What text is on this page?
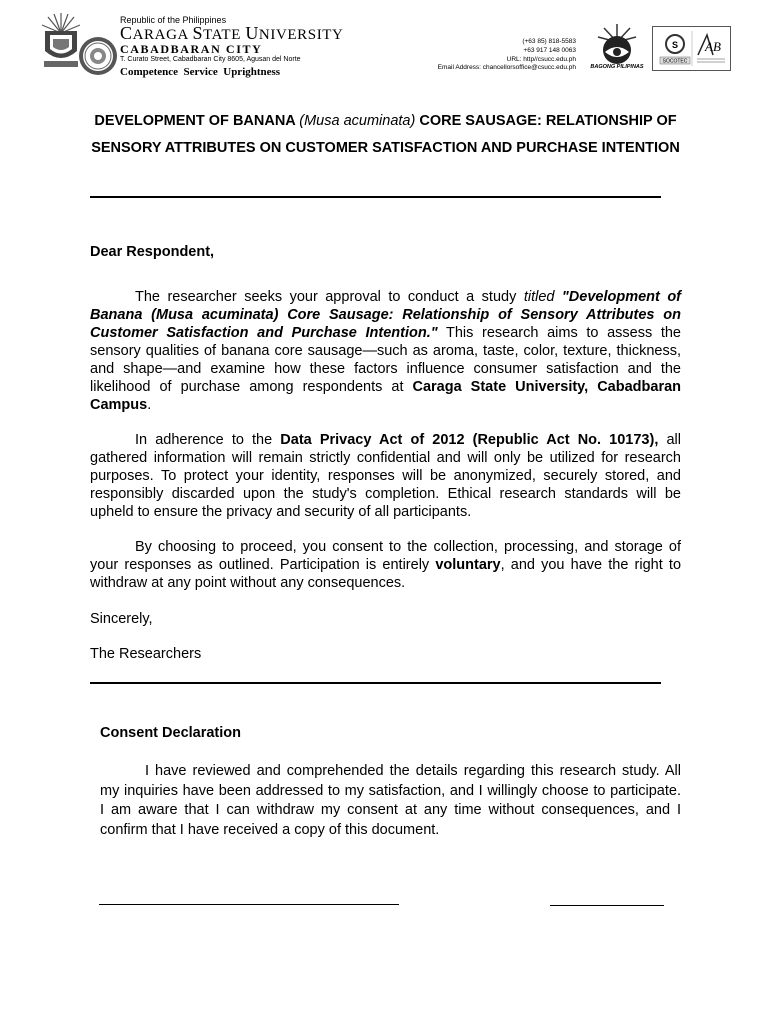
Republic of the Philippines
CARAGA STATE UNIVERSITY
CABADBARAN CITY
T. Curato Street, Cabadbaran City 8605, Agusan del Norte
Competence Service Uprightness
(+63 85) 818-5583
+63 917 148 0063
URL: http//csucc.edu.ph
Email Address: chancellorsoffice@csucc.edu.ph	BAGONG PILIPINAS
S
SOCOTEC
AB
DEVELOPMENT OF BANANA (Musa acuminata) CORE SAUSAGE: RELATIONSHIP OF SENSORY ATTRIBUTES ON CUSTOMER SATISFACTION AND PURCHASE INTENTION
Dear Respondent,
The researcher seeks your approval to conduct a study titled "Development of Banana (Musa acuminata) Core Sausage: Relationship of Sensory Attributes on Customer Satisfaction and Purchase Intention." This research aims to assess the sensory qualities of banana core sausage—such as aroma, taste, color, texture, thickness, and shape—and examine how these factors influence consumer satisfaction and the likelihood of purchase among respondents at Caraga State University, Cabadbaran Campus.
In adherence to the Data Privacy Act of 2012 (Republic Act No. 10173), all gathered information will remain strictly confidential and will only be utilized for research purposes. To protect your identity, responses will be anonymized, securely stored, and responsibly discarded upon the study's completion. Ethical research standards will be upheld to ensure the privacy and security of all participants.
By choosing to proceed, you consent to the collection, processing, and storage of your responses as outlined. Participation is entirely voluntary, and you have the right to withdraw at any point without any consequences.
Sincerely,
The Researchers
Consent Declaration
I have reviewed and comprehended the details regarding this research study. All my inquiries have been addressed to my satisfaction, and I willingly choose to participate. I am aware that I can withdraw my consent at any time without consequences, and I confirm that I have received a copy of this document.
